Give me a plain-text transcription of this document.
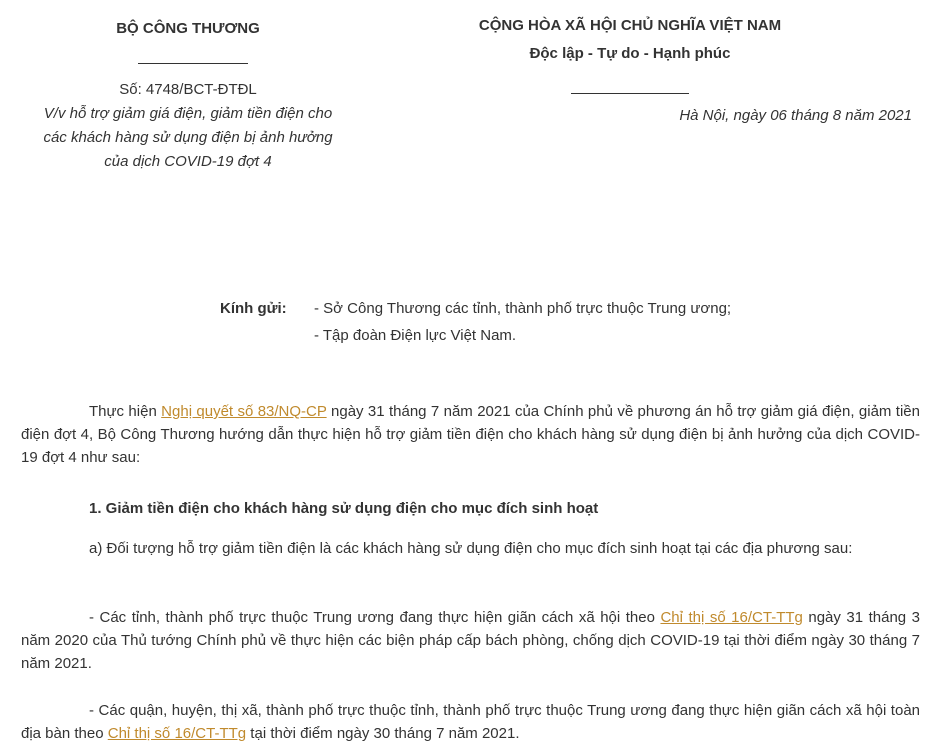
BỘ CÔNG THƯƠNG
Số: 4748/BCT-ĐTĐL
V/v hỗ trợ giảm giá điện, giảm tiền điện cho các khách hàng sử dụng điện bị ảnh hưởng của dịch COVID-19 đợt 4
CỘNG HÒA XÃ HỘI CHỦ NGHĨA VIỆT NAM
Độc lập - Tự do - Hạnh phúc
Hà Nội, ngày 06 tháng 8 năm 2021
Kính gửi: - Sở Công Thương các tỉnh, thành phố trực thuộc Trung ương;
- Tập đoàn Điện lực Việt Nam.
Thực hiện Nghị quyết số 83/NQ-CP ngày 31 tháng 7 năm 2021 của Chính phủ về phương án hỗ trợ giảm giá điện, giảm tiền điện đợt 4, Bộ Công Thương hướng dẫn thực hiện hỗ trợ giảm tiền điện cho khách hàng sử dụng điện bị ảnh hưởng của dịch COVID-19 đợt 4 như sau:
1. Giảm tiền điện cho khách hàng sử dụng điện cho mục đích sinh hoạt
a) Đối tượng hỗ trợ giảm tiền điện là các khách hàng sử dụng điện cho mục đích sinh hoạt tại các địa phương sau:
- Các tỉnh, thành phố trực thuộc Trung ương đang thực hiện giãn cách xã hội theo Chỉ thị số 16/CT-TTg ngày 31 tháng 3 năm 2020 của Thủ tướng Chính phủ về thực hiện các biện pháp cấp bách phòng, chống dịch COVID-19 tại thời điểm ngày 30 tháng 7 năm 2021.
- Các quận, huyện, thị xã, thành phố trực thuộc tỉnh, thành phố trực thuộc Trung ương đang thực hiện giãn cách xã hội toàn địa bàn theo Chỉ thị số 16/CT-TTg tại thời điểm ngày 30 tháng 7 năm 2021.
